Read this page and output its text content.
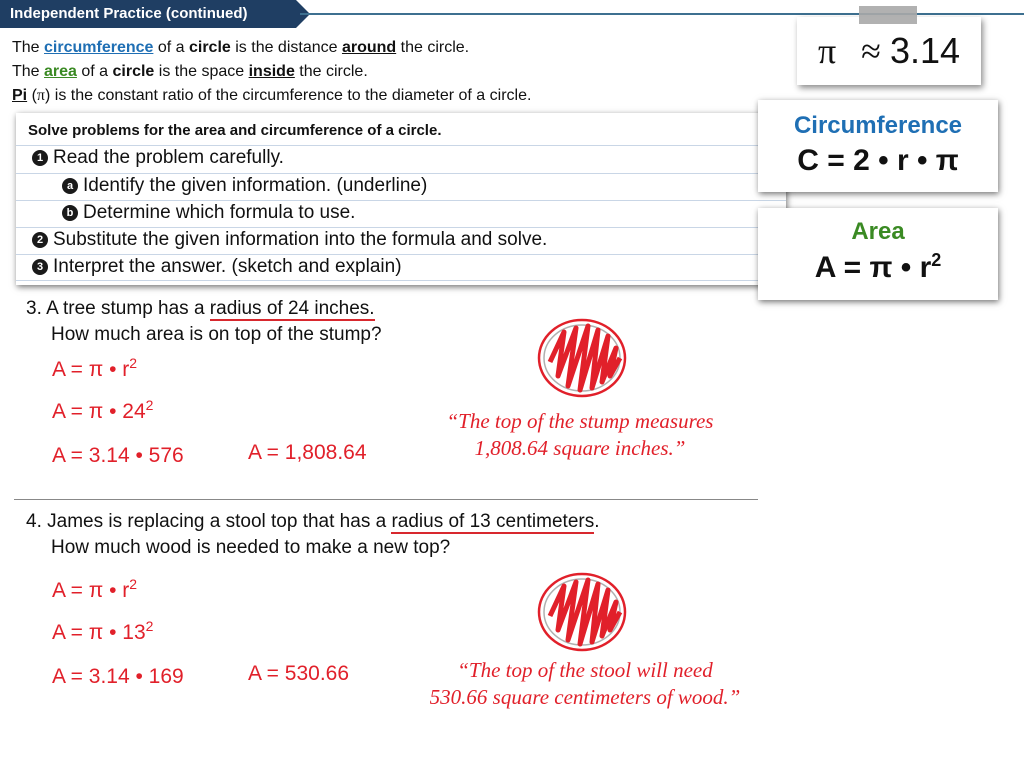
Independent Practice (continued)
The circumference of a circle is the distance around the circle.
The area of a circle is the space inside the circle.
Pi (π) is the constant ratio of the circumference to the diameter of a circle.
π ≈ 3.14
Solve problems for the area and circumference of a circle.
1 Read the problem carefully.
a Identify the given information. (underline)
b Determine which formula to use.
2 Substitute the given information into the formula and solve.
3 Interpret the answer. (sketch and explain)
Circumference
C = 2 • r • π
Area
A = π • $r^2$
3. A tree stump has a radius of 24 inches.
How much area is on top of the stump?
A = π • $r^2$
A = π • $24^2$
A = 3.14 • 576	A = 1,808.64
“The top of the stump measures
1,808.64 square inches.”
4. James is replacing a stool top that has a radius of 13 centimeters.
How much wood is needed to make a new top?
A = π • $r^2$
A = π • $13^2$
A = 3.14 • 169	A = 530.66	“The top of the stool will need
530.66 square centimeters of wood.”
